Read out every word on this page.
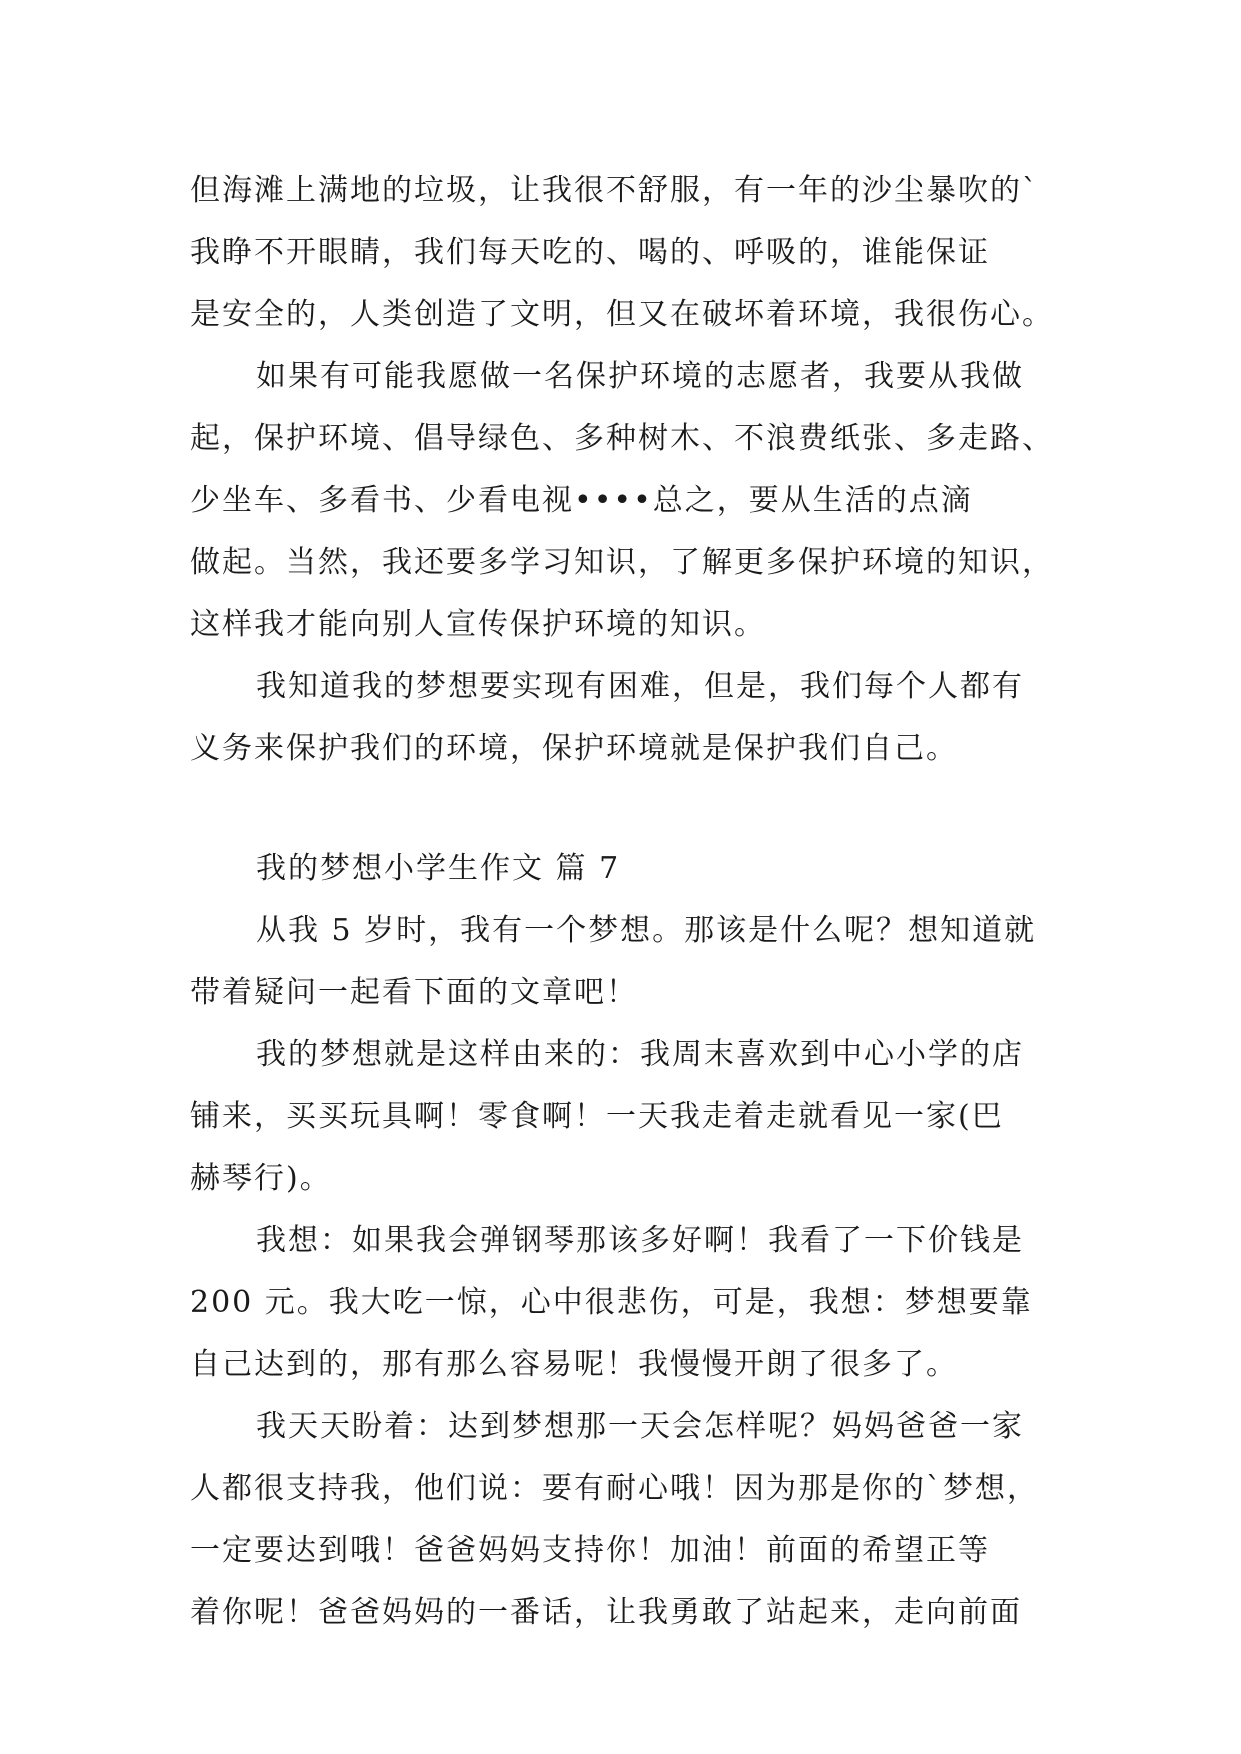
但海滩上满地的垃圾，让我很不舒服，有一年的沙尘暴吹的`
我睁不开眼睛，我们每天吃的、喝的、呼吸的，谁能保证
是安全的，人类创造了文明，但又在破坏着环境，我很伤心。
如果有可能我愿做一名保护环境的志愿者，我要从我做
起，保护环境、倡导绿色、多种树木、不浪费纸张、多走路、
少坐车、多看书、少看电视••••总之，要从生活的点滴
做起。当然，我还要多学习知识，了解更多保护环境的知识，
这样我才能向别人宣传保护环境的知识。
我知道我的梦想要实现有困难，但是，我们每个人都有
义务来保护我们的环境，保护环境就是保护我们自己。
我的梦想小学生作文 篇 7
从我 5 岁时，我有一个梦想。那该是什么呢？想知道就
带着疑问一起看下面的文章吧！
我的梦想就是这样由来的：我周末喜欢到中心小学的店
铺来，买买玩具啊！零食啊！一天我走着走就看见一家(巴
赫琴行)。
我想：如果我会弹钢琴那该多好啊！我看了一下价钱是
200 元。我大吃一惊，心中很悲伤，可是，我想：梦想要靠
自己达到的，那有那么容易呢！我慢慢开朗了很多了。
我天天盼着：达到梦想那一天会怎样呢？妈妈爸爸一家
人都很支持我，他们说：要有耐心哦！因为那是你的`梦想，
一定要达到哦！爸爸妈妈支持你！加油！前面的希望正等
着你呢！爸爸妈妈的一番话，让我勇敢了站起来，走向前面
